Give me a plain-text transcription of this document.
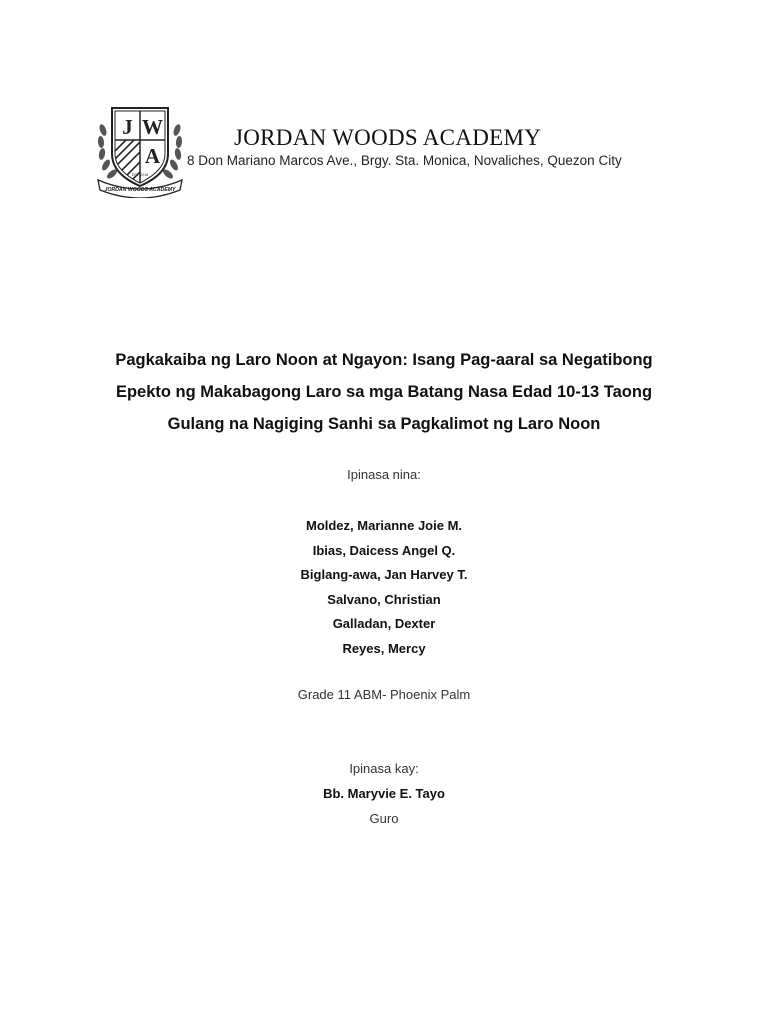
J W
A
EST. 2018
JORDAN WOODS ACADEMY
JORDAN WOODS ACADEMY
8 Don Mariano Marcos Ave., Brgy. Sta. Monica, Novaliches, Quezon City
Pagkakaiba ng Laro Noon at Ngayon: Isang Pag-aaral sa Negatibong
Epekto ng Makabagong Laro sa mga Batang Nasa Edad 10-13 Taong
Gulang na Nagiging Sanhi sa Pagkalimot ng Laro Noon
Ipinasa nina:
Moldez, Marianne Joie M.
Ibias, Daicess Angel Q.
Biglang-awa, Jan Harvey T.
Salvano, Christian
Galladan, Dexter
Reyes, Mercy
Grade 11 ABM- Phoenix Palm
Ipinasa kay:
Bb. Maryvie E. Tayo
Guro
